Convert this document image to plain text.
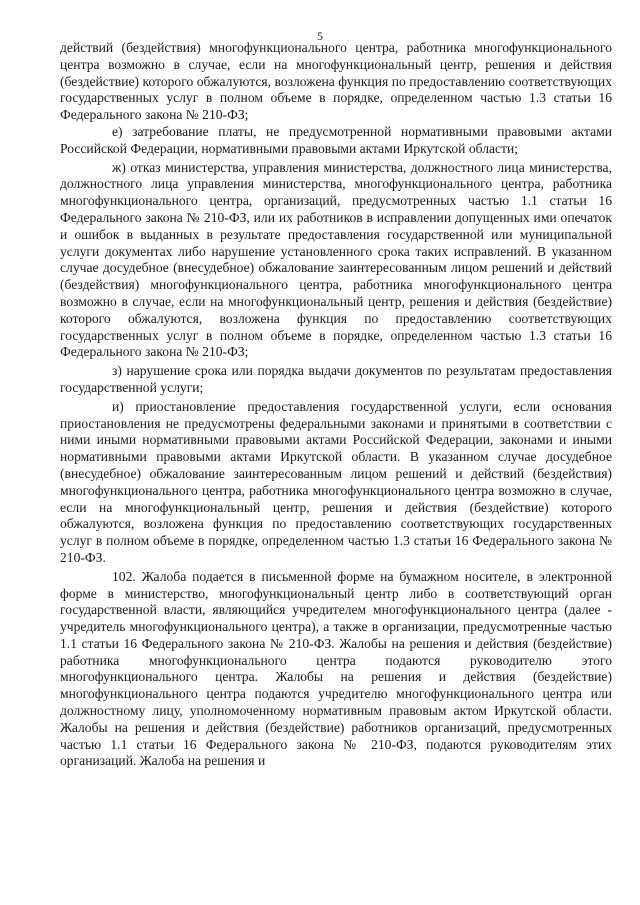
5

действий (бездействия) многофункционального центра, работника многофункционального центра возможно в случае, если на многофункциональный центр, решения и действия (бездействие) которого обжалуются, возложена функция по предоставлению соответствующих государственных услуг в полном объеме в порядке, определенном частью 1.3 статьи 16 Федерального закона № 210-ФЗ;

е) затребование платы, не предусмотренной нормативными правовыми актами Российской Федерации, нормативными правовыми актами Иркутской области;

ж) отказ министерства, управления министерства, должностного лица министерства, должностного лица управления министерства, многофункционального центра, работника многофункционального центра, организаций, предусмотренных частью 1.1 статьи 16 Федерального закона № 210-ФЗ, или их работников в исправлении допущенных ими опечаток и ошибок в выданных в результате предоставления государственной или муниципальной услуги документах либо нарушение установленного срока таких исправлений. В указанном случае досудебное (внесудебное) обжалование заинтересованным лицом решений и действий (бездействия) многофункционального центра, работника многофункционального центра возможно в случае, если на многофункциональный центр, решения и действия (бездействие) которого обжалуются, возложена функция по предоставлению соответствующих государственных услуг в полном объеме в порядке, определенном частью 1.3 статьи 16 Федерального закона № 210-ФЗ;

з) нарушение срока или порядка выдачи документов по результатам предоставления государственной услуги;

и) приостановление предоставления государственной услуги, если основания приостановления не предусмотрены федеральными законами и принятыми в соответствии с ними иными нормативными правовыми актами Российской Федерации, законами и иными нормативными правовыми актами Иркутской области. В указанном случае досудебное (внесудебное) обжалование заинтересованным лицом решений и действий (бездействия) многофункционального центра, работника многофункционального центра возможно в случае, если на многофункциональный центр, решения и действия (бездействие) которого обжалуются, возложена функция по предоставлению соответствующих государственных услуг в полном объеме в порядке, определенном частью 1.3 статьи 16 Федерального закона № 210-ФЗ.

102. Жалоба подается в письменной форме на бумажном носителе, в электронной форме в министерство, многофункциональный центр либо в соответствующий орган государственной власти, являющийся учредителем многофункционального центра (далее - учредитель многофункционального центра), а также в организации, предусмотренные частью 1.1 статьи 16 Федерального закона № 210-ФЗ. Жалобы на решения и действия (бездействие) работника многофункционального центра подаются руководителю этого многофункционального центра. Жалобы на решения и действия (бездействие) многофункционального центра подаются учредителю многофункционального центра или должностному лицу, уполномоченному нормативным правовым актом Иркутской области. Жалобы на решения и действия (бездействие) работников организаций, предусмотренных частью 1.1 статьи 16 Федерального закона № 210-ФЗ, подаются руководителям этих организаций. Жалоба на решения и
